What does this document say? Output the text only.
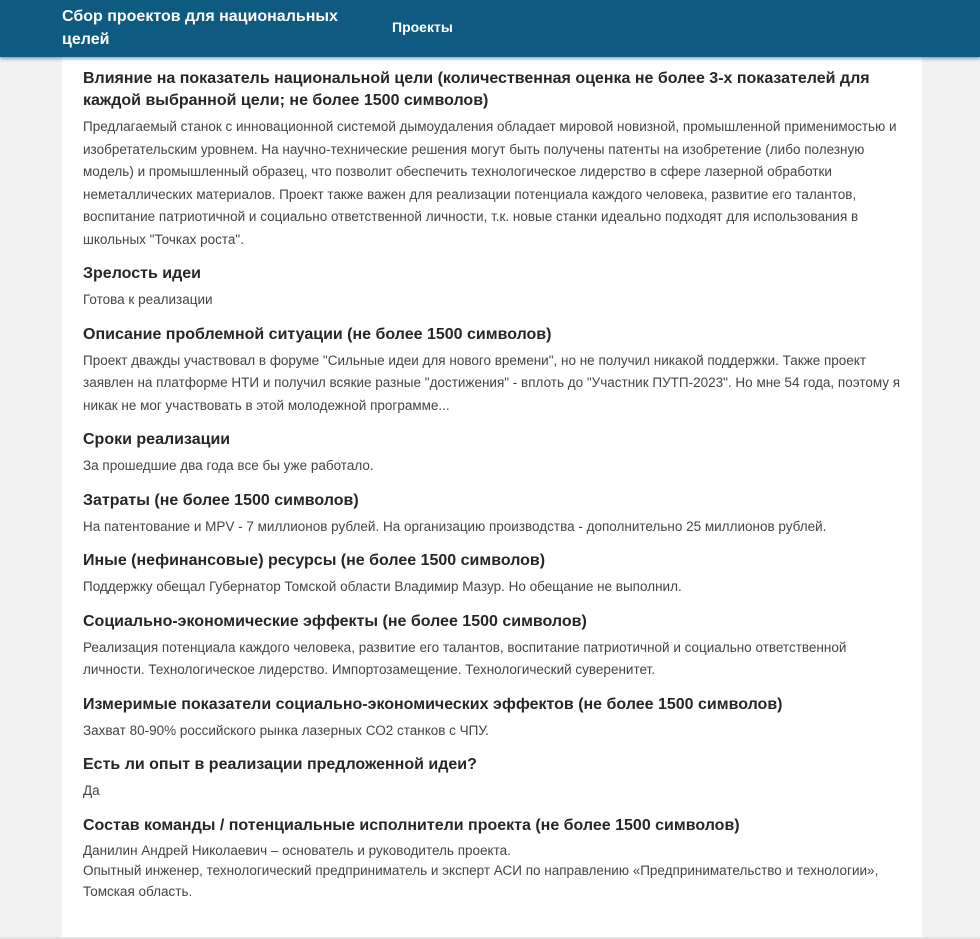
Сбор проектов для национальных целей
Проекты
Влияние на показатель национальной цели (количественная оценка не более 3-х показателей для каждой выбранной цели; не более 1500 символов)

Предлагаемый станок с инновационной системой дымоудаления обладает мировой новизной, промышленной применимостью и изобретательским уровнем. На научно-технические решения могут быть получены патенты на изобретение (либо полезную модель) и промышленный образец, что позволит обеспечить технологическое лидерство в сфере лазерной обработки неметаллических материалов. Проект также важен для реализации потенциала каждого человека, развитие его талантов, воспитание патриотичной и социально ответственной личности, т.к. новые станки идеально подходят для использования в школьных "Точках роста".

Зрелость идеи

Готова к реализации

Описание проблемной ситуации (не более 1500 символов)

Проект дважды участвовал в форуме "Сильные идеи для нового времени", но не получил никакой поддержки. Также проект заявлен на платформе НТИ и получил всякие разные "достижения" - вплоть до "Участник ПУТП-2023". Но мне 54 года, поэтому я никак не мог участвовать в этой молодежной программе...

Сроки реализации

За прошедшие два года все бы уже работало.

Затраты (не более 1500 символов)

На патентование и MPV - 7 миллионов рублей. На организацию производства - дополнительно 25 миллионов рублей.

Иные (нефинансовые) ресурсы (не более 1500 символов)

Поддержку обещал Губернатор Томской области Владимир Мазур. Но обещание не выполнил.

Социально-экономические эффекты (не более 1500 символов)

Реализация потенциала каждого человека, развитие его талантов, воспитание патриотичной и социально ответственной личности. Технологическое лидерство. Импортозамещение. Технологический суверенитет.

Измеримые показатели социально-экономических эффектов (не более 1500 символов)

Захват 80-90% российского рынка лазерных СО2 станков с ЧПУ.

Есть ли опыт в реализации предложенной идеи?

Да

Состав команды / потенциальные исполнители проекта (не более 1500 символов)
Данилин Андрей Николаевич – основатель и руководитель проекта.
Опытный инженер, технологический предприниматель и эксперт АСИ по направлению «Предпринимательство и технологии», Томская область.
